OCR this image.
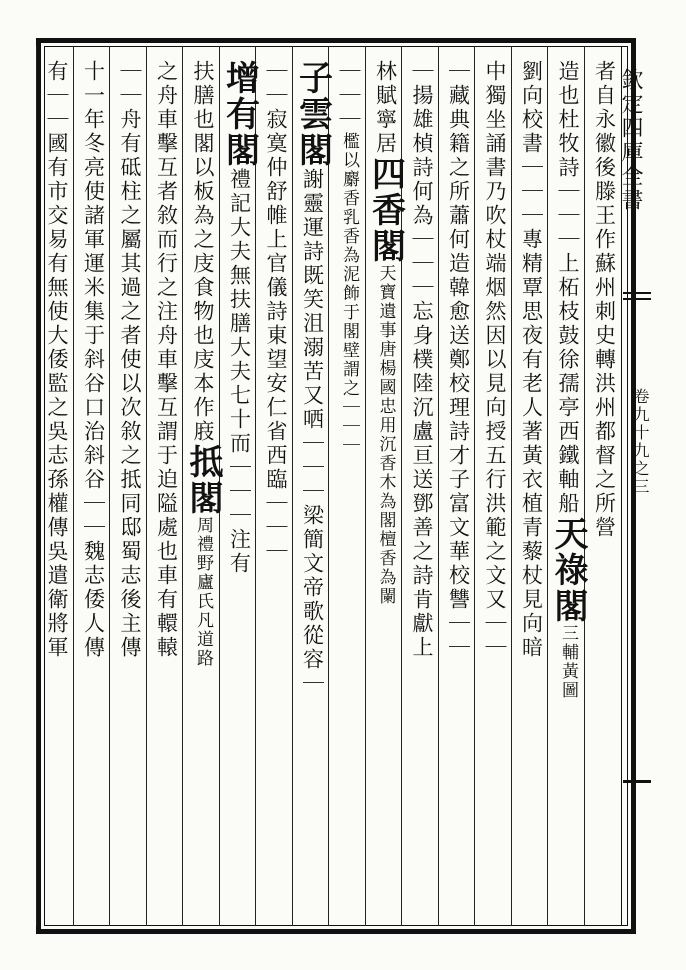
欽定四庫全書
卷九十九之三
者自永徽後滕王作蘇州刺史轉洪州都督之所營
造也杜牧詩｜｜｜上柘枝鼓徐孺亭西鐵軸船
天祿閣
三輔黃圖
劉向校書｜｜｜專精覃思夜有老人著黃衣植青藜杖見向暗
中獨坐誦書乃吹杖端烟然因以見向授五行洪範之文又｜｜
｜藏典籍之所蕭何造韓愈送鄭校理詩才子富文華校讐｜｜
｜揚雄楨詩何為｜｜｜忘身樸陸沉盧亘送鄧善之詩肯獻上
林賦寧居
四香閣
天寶遺事唐楊國忠用沉香木為閣檀香為闌
｜｜｜
檻以麝香乳香為泥飾于閣壁謂之｜｜｜
子雲閣
謝靈運詩既笑沮溺苦又哂｜｜｜梁簡文帝歌從容｜
｜｜寂寞仲舒帷上官儀詩東望安仁省西臨｜｜｜
增有閣
禮記大夫無扶膳大夫七十而｜｜｜注有
扶膳也閣以板為之庋食物也庋本作庪
抵閣
周禮野廬氏凡道路
之舟車擊互者敘而行之注舟車擊互謂于迫隘處也車有轘轅
｜｜舟有砥柱之屬其過之者使以次敘之抵同邸蜀志後主傳
十一年冬亮使諸軍運米集于斜谷口治斜谷｜｜魏志倭人傳
有｜｜國有市交易有無使大倭監之吳志孫權傳吳遣衛將軍
